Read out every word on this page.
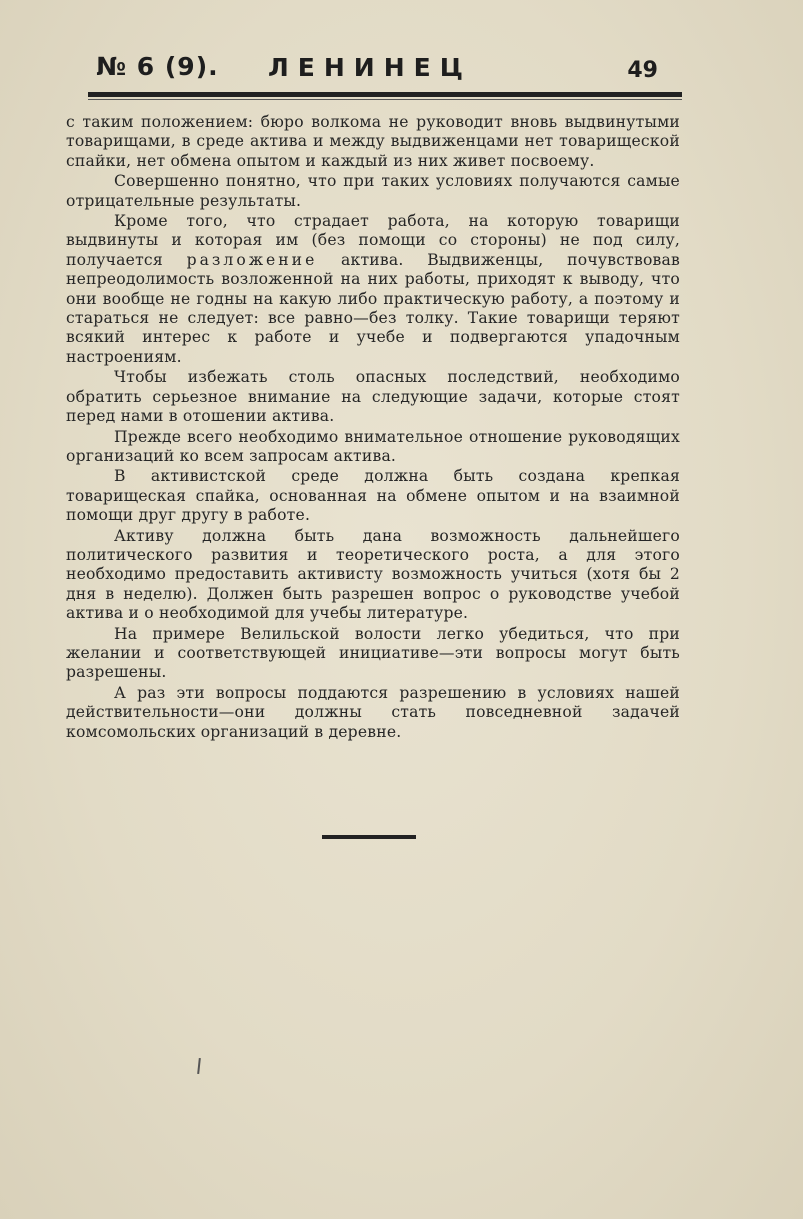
№ 6 (9). ЛЕНИНЕЦ	49

с таким положением: бюро волкома не руководит вновь выдвинутыми товарищами, в среде актива и между выдвиженцами нет товарищеской спайки, нет обмена опытом и каждый из них живет посвоему.

Совершенно понятно, что при таких условиях получаются самые отрицательные результаты.

Кроме того, что страдает работа, на которую товарищи выдвинуты и которая им (без помощи со стороны) не под силу, получается разложение актива. Выдвиженцы, почувствовав непреодолимость возложенной на них работы, приходят к выводу, что они вообще не годны на какую либо практическую работу, а поэтому и стараться не следует: все равно—без толку. Такие товарищи теряют всякий интерес к работе и учебе и подвергаются упадочным настроениям.

Чтобы избежать столь опасных последствий, необходимо обратить серьезное внимание на следующие задачи, которые стоят перед нами в отошении актива.

Прежде всего необходимо внимательное отношение руководящих организаций ко всем запросам актива.

В активистской среде должна быть создана крепкая товарищеская спайка, основанная на обмене опытом и на взаимной помощи друг другу в работе.

Активу должна быть дана возможность дальнейшего политического развития и теоретического роста, а для этого необходимо предоставить активисту возможность учиться (хотя бы 2 дня в неделю). Должен быть разрешен вопрос о руководстве учебой актива и о необходимой для учебы литературе.

На примере Велильской волости легко убедиться, что при желании и соответствующей инициативе—эти вопросы могут быть разрешены.

А раз эти вопросы поддаются разрешению в условиях нашей действительности—они должны стать повседневной задачей комсомольских организаций в деревне.
